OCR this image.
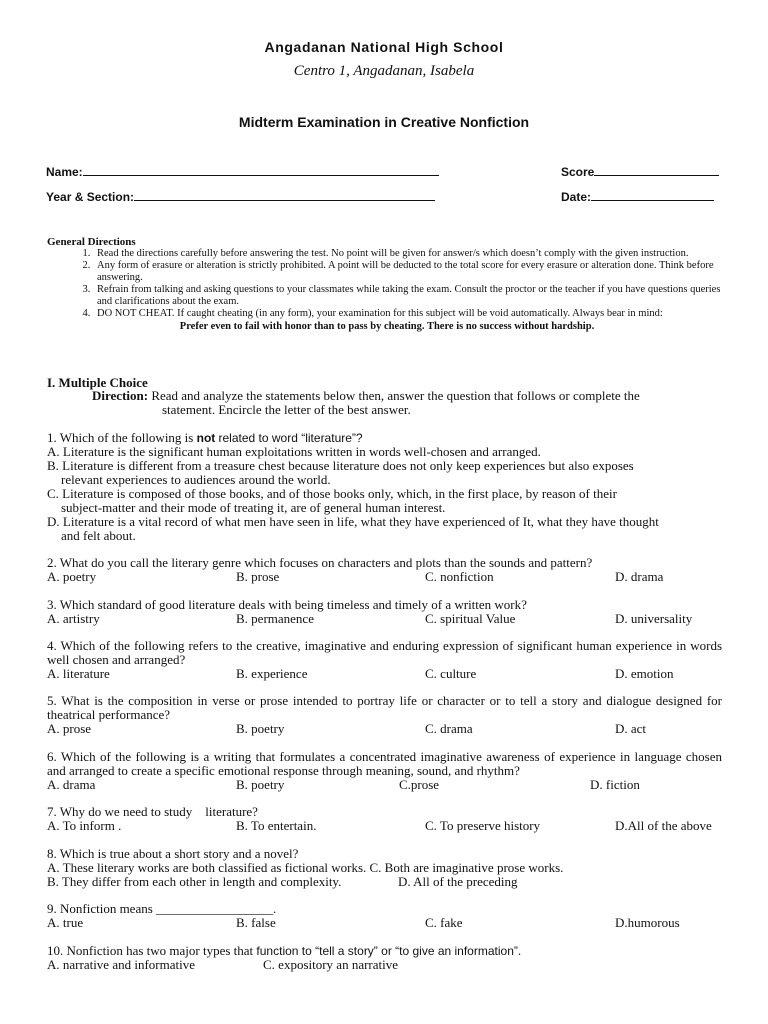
Angadanan National High School
Centro 1, Angadanan, Isabela
Midterm Examination in Creative Nonfiction
Name:	Score
Year & Section:	Date:
General Directions
1. Read the directions carefully before answering the test. No point will be given for answer/s which doesn’t comply with the given instruction.
2. Any form of erasure or alteration is strictly prohibited. A point will be deducted to the total score for every erasure or alteration done. Think before answering.
3. Refrain from talking and asking questions to your classmates while taking the exam. Consult the proctor or the teacher if you have questions queries and clarifications about the exam.
4. DO NOT CHEAT. If caught cheating (in any form), your examination for this subject will be void automatically. Always bear in mind:
Prefer even to fail with honor than to pass by cheating. There is no success without hardship.
I. Multiple Choice
Direction: Read and analyze the statements below then, answer the question that follows or complete the
statement. Encircle the letter of the best answer.

1. Which of the following is not related to word “literature”?

A. Literature is the significant human exploitations written in words well-chosen and arranged.

B. Literature is different from a treasure chest because literature does not only keep experiences but also exposes

relevant experiences to audiences around the world.

C. Literature is composed of those books, and of those books only, which, in the first place, by reason of their

subject-matter and their mode of treating it, are of general human interest.

D. Literature is a vital record of what men have seen in life, what they have experienced of It, what they have thought

and felt about.

2. What do you call the literary genre which focuses on characters and plots than the sounds and pattern?

A. poetry	B. prose	C. nonfiction	D. drama

3. Which standard of good literature deals with being timeless and timely of a written work?

A. artistry	B. permanence	C. spiritual Value	D. universality

4. Which of the following refers to the creative, imaginative and enduring expression of significant human experience in words well chosen and arranged?

A. literature	B. experience	C. culture	D. emotion

5. What is the composition in verse or prose intended to portray life or character or to tell a story and dialogue designed for theatrical performance?

A. prose	B. poetry	C. drama	D. act

6. Which of the following is a writing that formulates a concentrated imaginative awareness of experience in language chosen and arranged to create a specific emotional response through meaning, sound, and rhythm?

A. drama	B. poetry	C.prose	D. fiction

7. Why do we need to study    literature?

A. To inform .	B. To entertain.	C. To preserve history	D.All of the above

8. Which is true about a short story and a novel?

A. These literary works are both classified as fictional works. C. Both are imaginative prose works.

B. They differ from each other in length and complexity.	D. All of the preceding

9. Nonfiction means __________________.

A. true	B. false	C. fake	D.humorous

10. Nonfiction has two major types that function to “tell a story” or “to give an information”.

A. narrative and informative	C. expository an narrative
